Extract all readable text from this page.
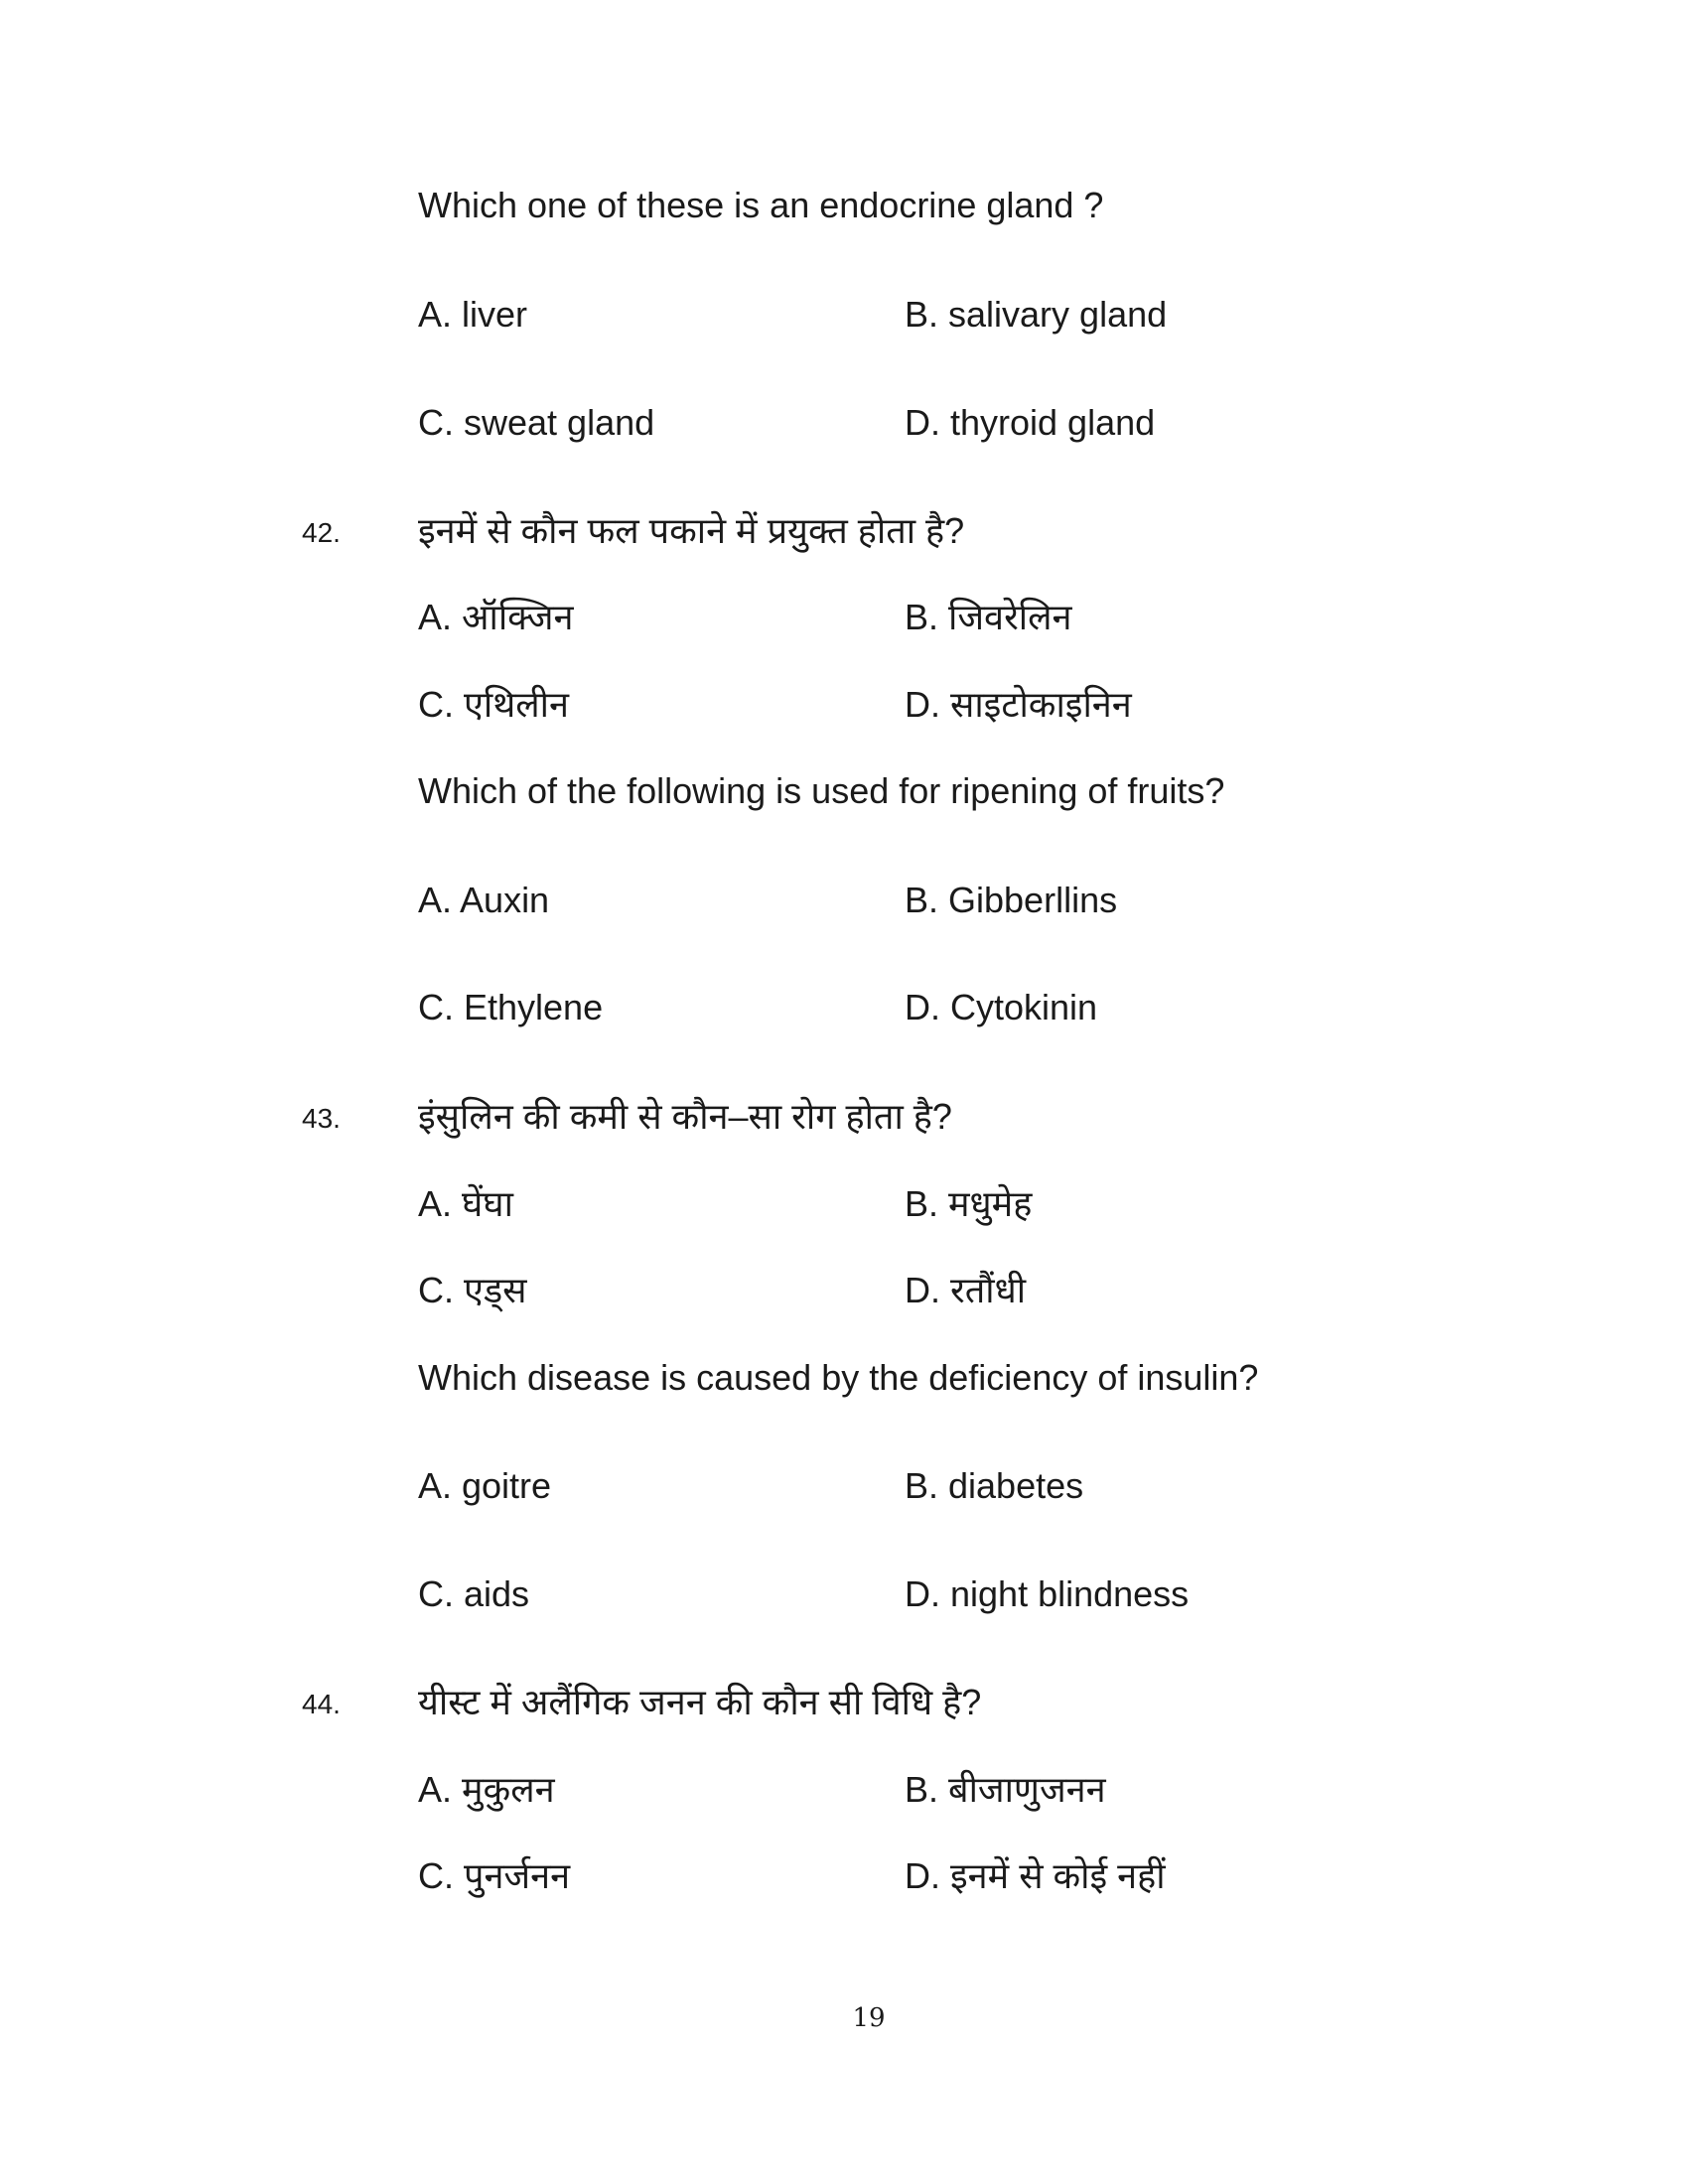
Which one of these is an endocrine gland ?
A. liver	B. salivary gland
C. sweat gland	D. thyroid gland
42. इनमें से कौन फल पकाने में प्रयुक्त होता है?
A. ऑक्जिन	B. जिवरेलिन
C. एथिलीन	D. साइटोकाइनिन
Which of the following is used for ripening of fruits?
A. Auxin	B. Gibberllins
C. Ethylene	D. Cytokinin
43. इंसुलिन की कमी से कौन–सा रोग होता है?
A. घेंघा	B. मधुमेह
C. एड्स	D. रतौंधी
Which disease is caused by the deficiency of insulin?
A. goitre	B. diabetes
C. aids	D. night blindness
44. यीस्ट में अलैंगिक जनन की कौन सी विधि है?
A. मुकुलन	B. बीजाणुजनन
C. पुनर्जनन	D. इनमें से कोई नहीं
19
